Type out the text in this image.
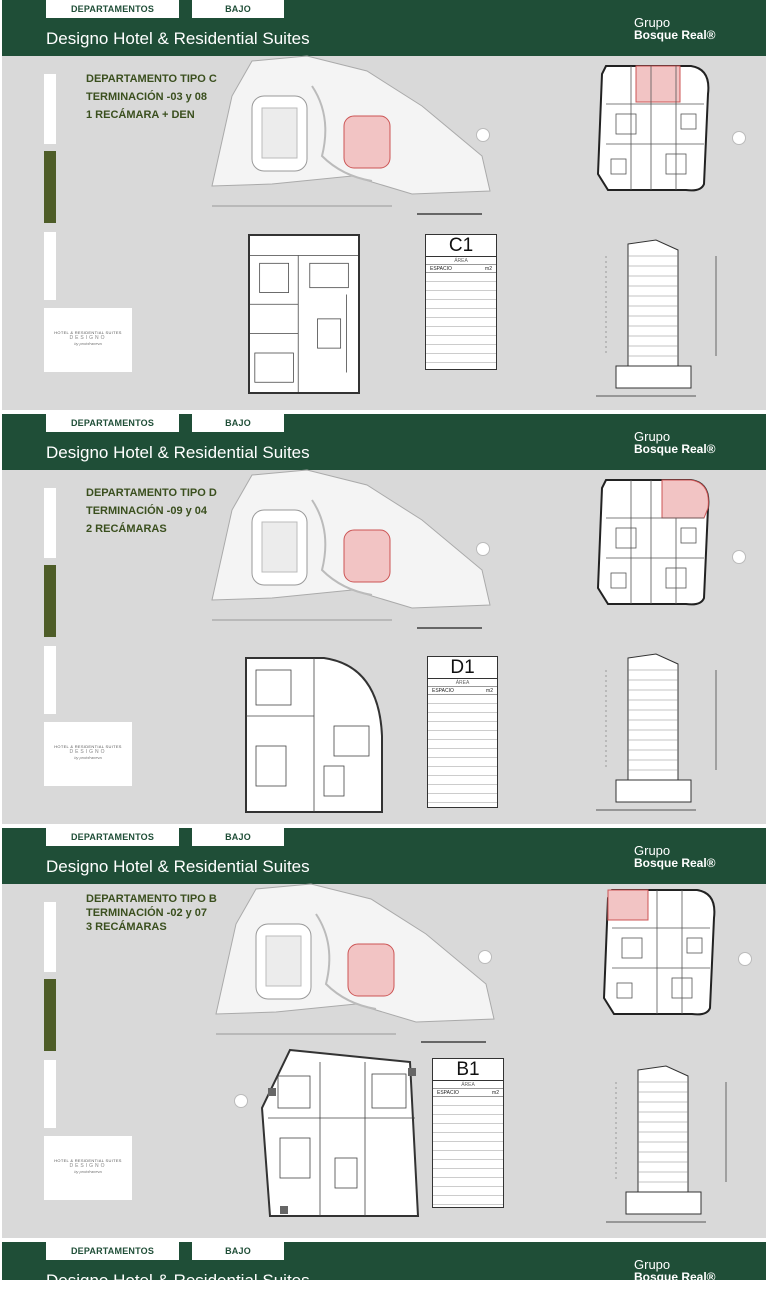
DEPARTAMENTOS	BAJO
Designo Hotel & Residential Suites
Grupo
Bosque Real®
HOTEL & RESIDENTIAL SUITES
DESIGNO
by proinfraneva
DEPARTAMENTO TIPO C
TERMINACIÓN -03 y 08
1 RECÁMARA + DEN
C1
ÁREA
ESPACIO	m2
DEPARTAMENTOS	BAJO
Designo Hotel & Residential Suites
Grupo
Bosque Real®
HOTEL & RESIDENTIAL SUITES
DESIGNO
by proinfraneva
DEPARTAMENTO TIPO D
TERMINACIÓN -09 y 04
2 RECÁMARAS
D1
ÁREA
ESPACIO	m2
DEPARTAMENTOS	BAJO
Designo Hotel & Residential Suites
Grupo
Bosque Real®
HOTEL & RESIDENTIAL SUITES
DESIGNO
by proinfraneva
DEPARTAMENTO TIPO B
TERMINACIÓN -02 y 07
3 RECÁMARAS
B1
ÁREA
ESPACIO	m2
DEPARTAMENTOS	BAJO
Designo Hotel & Residential Suites
Grupo
Bosque Real®
